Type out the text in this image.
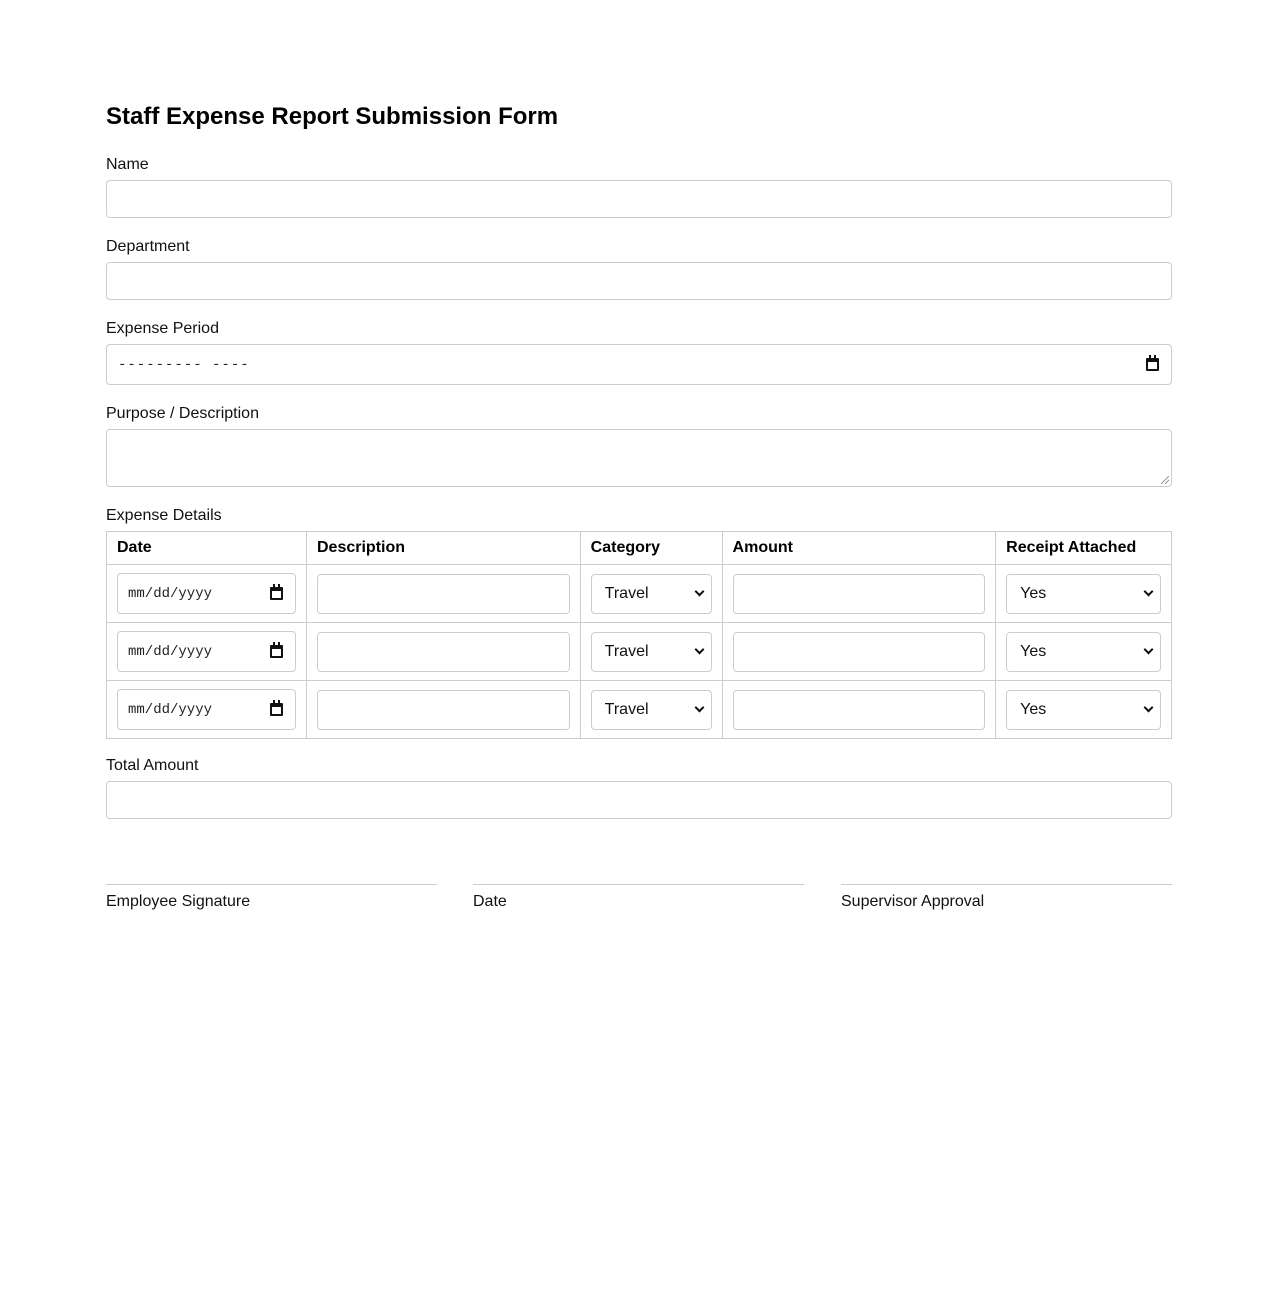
Staff Expense Report Submission Form
Name
Department
Expense Period
--------- ----
Purpose / Description
Expense Details
Date	Description	Category	Amount	Receipt Attached

mm/dd/yyyy		Travel		Yes

mm/dd/yyyy		Travel		Yes

mm/dd/yyyy		Travel		Yes
Total Amount
Employee Signature	Date	Supervisor Approval
